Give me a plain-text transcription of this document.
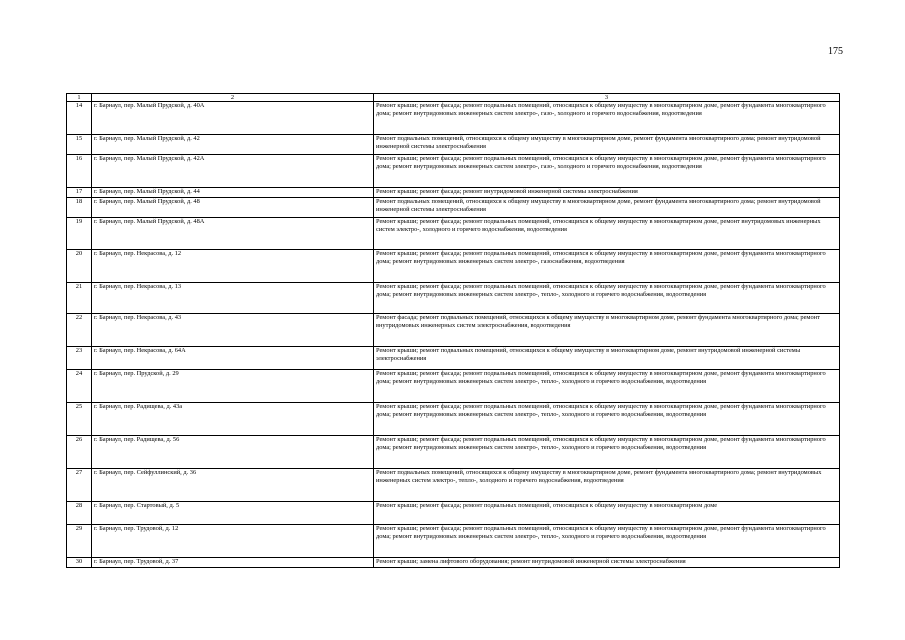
175
1	2	3
14	г. Барнаул, пер. Малый Прудской, д. 40А	Ремонт крыши; ремонт фасада; ремонт подвальных помещений, относящихся к общему имуществу в многоквартирном доме, ремонт фундамента многоквартирного дома; ремонт внутридомовых инженерных систем электро-, газо-, холодного и горячего водоснабжения, водоотведения
15	г. Барнаул, пер. Малый Прудской, д. 42	Ремонт подвальных помещений, относящихся к общему имуществу в многоквартирном доме, ремонт фундамента многоквартирного дома; ремонт внутридомовой инженерной системы электроснабжения
16	г. Барнаул, пер. Малый Прудской, д. 42А	Ремонт крыши; ремонт фасада; ремонт подвальных помещений, относящихся к общему имуществу в многоквартирном доме, ремонт фундамента многоквартирного дома; ремонт внутридомовых инженерных систем электро-, газо-, холодного и горячего водоснабжения, водоотведения
17	г. Барнаул, пер. Малый Прудской, д. 44	Ремонт крыши; ремонт фасада; ремонт внутридомовой инженерной системы электроснабжения
18	г. Барнаул, пер. Малый Прудской, д. 48	Ремонт подвальных помещений, относящихся к общему имуществу в многоквартирном доме, ремонт фундамента многоквартирного дома; ремонт внутридомовой инженерной системы электроснабжения
19	г. Барнаул, пер. Малый Прудской, д. 48А	Ремонт крыши; ремонт фасада; ремонт подвальных помещений, относящихся к общему имуществу в многоквартирном доме, ремонт внутридомовых инженерных систем электро-, холодного и горячего водоснабжения, водоотведения
20	г. Барнаул, пер. Некрасова, д. 12	Ремонт крыши; ремонт фасада; ремонт подвальных помещений, относящихся к общему имуществу в многоквартирном доме, ремонт фундамента многоквартирного дома; ремонт внутридомовых инженерных систем электро-, газоснабжения, водоотведения
21	г. Барнаул, пер. Некрасова, д. 13	Ремонт крыши; ремонт фасада; ремонт подвальных помещений, относящихся к общему имуществу в многоквартирном доме, ремонт фундамента многоквартирного дома; ремонт внутридомовых инженерных систем электро-, тепло-, холодного и горячего водоснабжения, водоотведения
22	г. Барнаул, пер. Некрасова, д. 43	Ремонт фасада; ремонт подвальных помещений, относящихся к общему имуществу в многоквартирном доме, ремонт фундамента многоквартирного дома; ремонт внутридомовых инженерных систем электроснабжения, водоотведения
23	г. Барнаул, пер. Некрасова, д. 64А	Ремонт крыши; ремонт подвальных помещений, относящихся к общему имуществу в многоквартирном доме, ремонт внутридомовой инженерной системы электроснабжения
24	г. Барнаул, пер. Прудской, д. 29	Ремонт крыши; ремонт фасада; ремонт подвальных помещений, относящихся к общему имуществу в многоквартирном доме, ремонт фундамента многоквартирного дома; ремонт внутридомовых инженерных систем электро-, тепло-, холодного и горячего водоснабжения, водоотведения
25	г. Барнаул, пер. Радищева, д. 43а	Ремонт крыши; ремонт фасада; ремонт подвальных помещений, относящихся к общему имуществу в многоквартирном доме, ремонт фундамента многоквартирного дома; ремонт внутридомовых инженерных систем электро-, тепло-, холодного и горячего водоснабжения, водоотведения
26	г. Барнаул, пер. Радищева, д. 56	Ремонт крыши; ремонт фасада; ремонт подвальных помещений, относящихся к общему имуществу в многоквартирном доме, ремонт фундамента многоквартирного дома; ремонт внутридомовых инженерных систем электро-, тепло-, холодного и горячего водоснабжения, водоотведения
27	г. Барнаул, пер. Сейфуллинский, д. 36	Ремонт подвальных помещений, относящихся к общему имуществу в многоквартирном доме, ремонт фундамента многоквартирного дома; ремонт внутридомовых инженерных систем электро-, тепло-, холодного и горячего водоснабжения, водоотведения
28	г. Барнаул, пер. Стартовый, д. 5	Ремонт крыши; ремонт фасада; ремонт подвальных помещений, относящихся к общему имуществу в многоквартирном доме
29	г. Барнаул, пер. Трудовой, д. 12	Ремонт крыши; ремонт фасада; ремонт подвальных помещений, относящихся к общему имуществу в многоквартирном доме, ремонт фундамента многоквартирного дома; ремонт внутридомовых инженерных систем электро-, тепло-, холодного и горячего водоснабжения, водоотведения
30	г. Барнаул, пер. Трудовой, д. 37	Ремонт крыши; замена лифтового оборудования; ремонт внутридомовой инженерной системы электроснабжения
